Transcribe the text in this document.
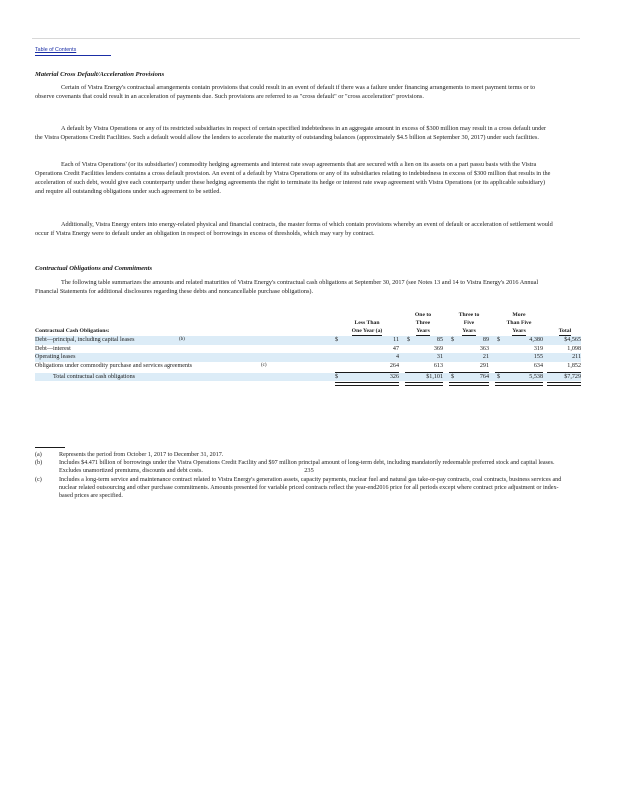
Table of Contents
Material Cross Default/Acceleration Provisions

Certain of Vistra Energy's contractual arrangements contain provisions that could result in an event of default if there was a failure under financing arrangements to meet payment terms or to observe covenants that could result in an acceleration of payments due. Such provisions are referred to as "cross default" or "cross acceleration" provisions.

A default by Vistra Operations or any of its restricted subsidiaries in respect of certain specified indebtedness in an aggregate amount in excess of $300 million may result in a cross default under the Vistra Operations Credit Facilities. Such a default would allow the lenders to accelerate the maturity of outstanding balances (approximately $4.5 billion at September 30, 2017) under such facilities.

Each of Vistra Operations' (or its subsidiaries') commodity hedging agreements and interest rate swap agreements that are secured with a lien on its assets on a pari passu basis with the Vistra Operations Credit Facilities lenders contains a cross default provision. An event of a default by Vistra Operations or any of its subsidiaries relating to indebtedness in excess of $300 million that results in the acceleration of such debt, would give each counterparty under these hedging agreements the right to terminate its hedge or interest rate swap agreement with Vistra Operations (or its applicable subsidiary) and require all outstanding obligations under such agreement to be settled.

Additionally, Vistra Energy enters into energy-related physical and financial contracts, the master forms of which contain provisions whereby an event of default or acceleration of settlement would occur if Vistra Energy were to default under an obligation in respect of borrowings in excess of thresholds, which may vary by contract.

Contractual Obligations and Commitments

The following table summarizes the amounts and related maturities of Vistra Energy's contractual cash obligations at September 30, 2017 (see Notes 13 and 14 to Vistra Energy's 2016 Annual Financial Statements for additional disclosures regarding these debts and noncancellable purchase obligations).

Less Than
One Year (a)
One to
Three
Years
Three to
Five
Years
More
Than Five
Years

	Total
Contractual Cash Obligations:
Debt—principal, including capital leases	(b)	$	11 $	85 $	89 $	4,380	$4,565
Debt—interest	47	369	363	319	1,098
Operating leases	4	31	21	155	211
Obligations under commodity purchase and services agreements	(c)	264	613	291	634	1,852
Total contractual cash obligations	$	326	$1,101 $	764 $	5,538	$7,729
(a)	Represents the period from October 1, 2017 to December 31, 2017.
(b)	Includes $4.471 billion of borrowings under the Vistra Operations Credit Facility and $97 million principal amount of long-term debt, including mandatorily redeemable preferred stock and capital leases. Excludes unamortized premiums, discounts and debt costs.
(c)	Includes a long-term service and maintenance contract related to Vistra Energy's generation assets, capacity payments, nuclear fuel and natural gas take-or-pay contracts, coal contracts, business services and nuclear related outsourcing and other purchase commitments. Amounts presented for variable priced contracts reflect the year-end2016 price for all periods except where contract price adjustment or index-based prices are specified.
235
